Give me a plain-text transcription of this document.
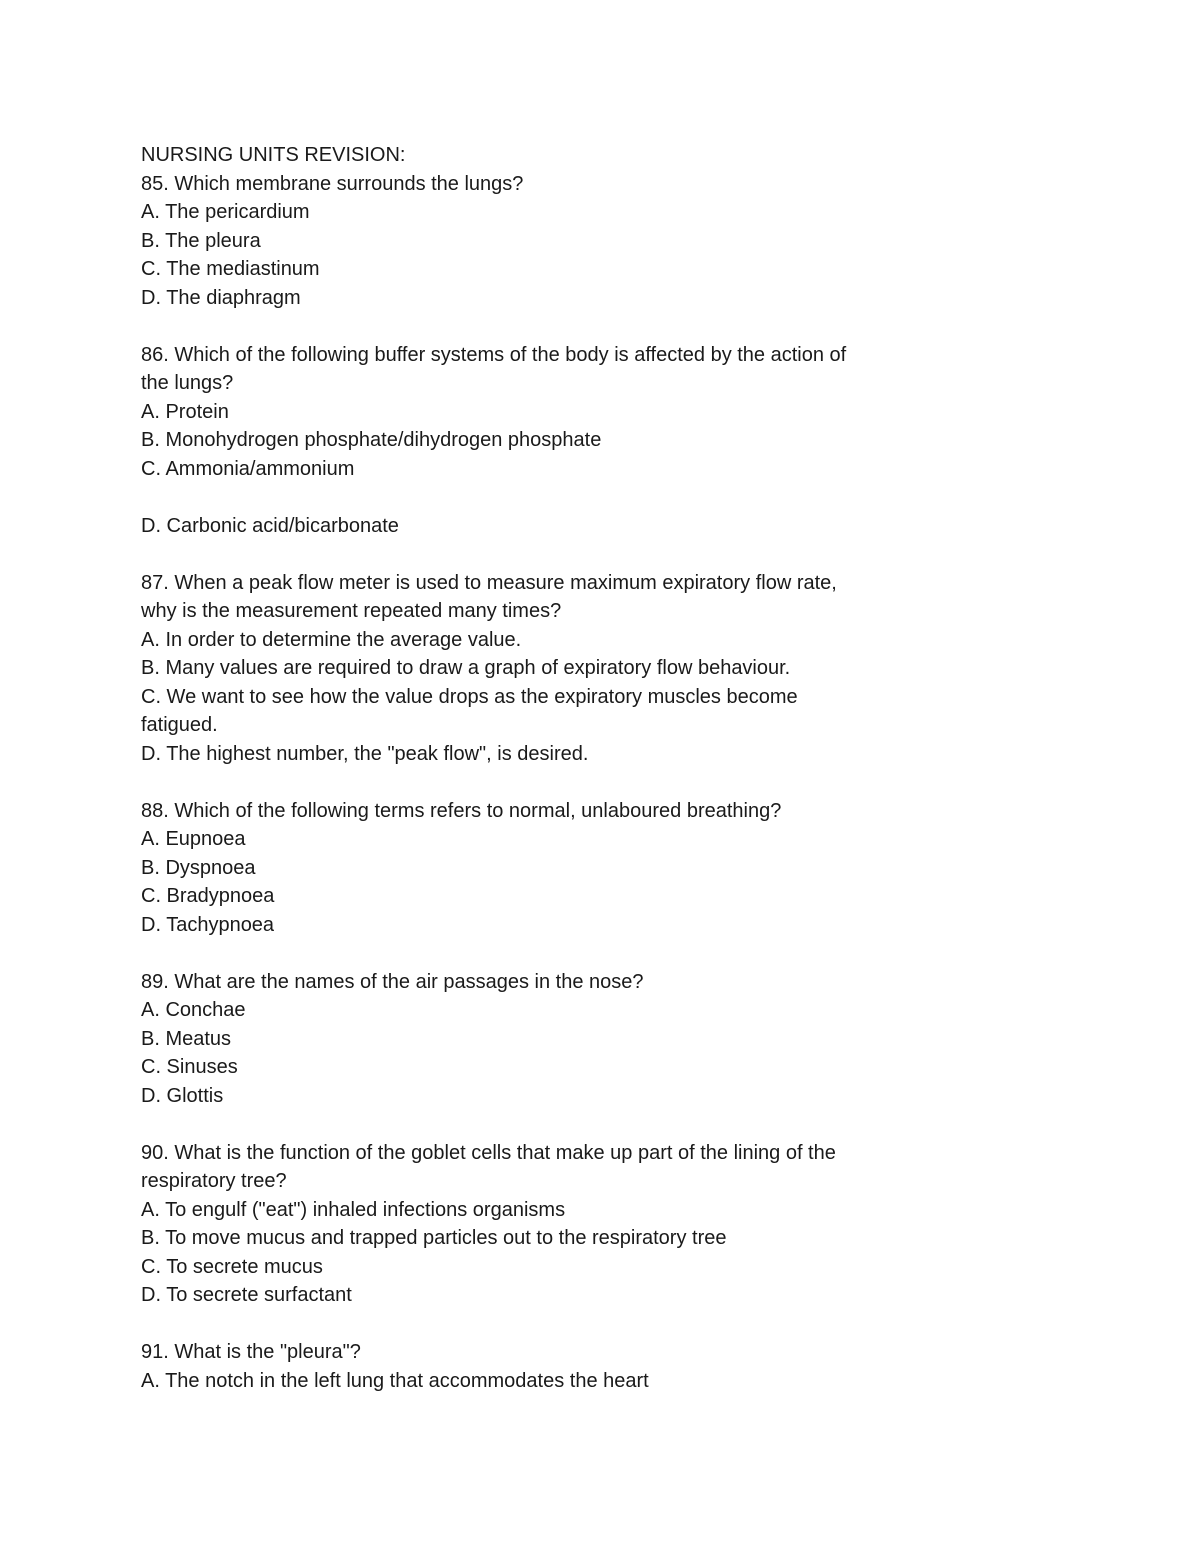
NURSING UNITS REVISION:
85. Which membrane surrounds the lungs?
A. The pericardium
B. The pleura
C. The mediastinum
D. The diaphragm
86. Which of the following buffer systems of the body is affected by the action of
the lungs?
A. Protein
B. Monohydrogen phosphate/dihydrogen phosphate
C. Ammonia/ammonium
D. Carbonic acid/bicarbonate
87. When a peak flow meter is used to measure maximum expiratory flow rate,
why is the measurement repeated many times?
A. In order to determine the average value.
B. Many values are required to draw a graph of expiratory flow behaviour.
C. We want to see how the value drops as the expiratory muscles become
fatigued.
D. The highest number, the "peak flow", is desired.
88. Which of the following terms refers to normal, unlaboured breathing?
A. Eupnoea
B. Dyspnoea
C. Bradypnoea
D. Tachypnoea
89. What are the names of the air passages in the nose?
A. Conchae
B. Meatus
C. Sinuses
D. Glottis
90. What is the function of the goblet cells that make up part of the lining of the
respiratory tree?
A. To engulf ("eat") inhaled infections organisms
B. To move mucus and trapped particles out to the respiratory tree
C. To secrete mucus
D. To secrete surfactant
91. What is the "pleura"?
A. The notch in the left lung that accommodates the heart
